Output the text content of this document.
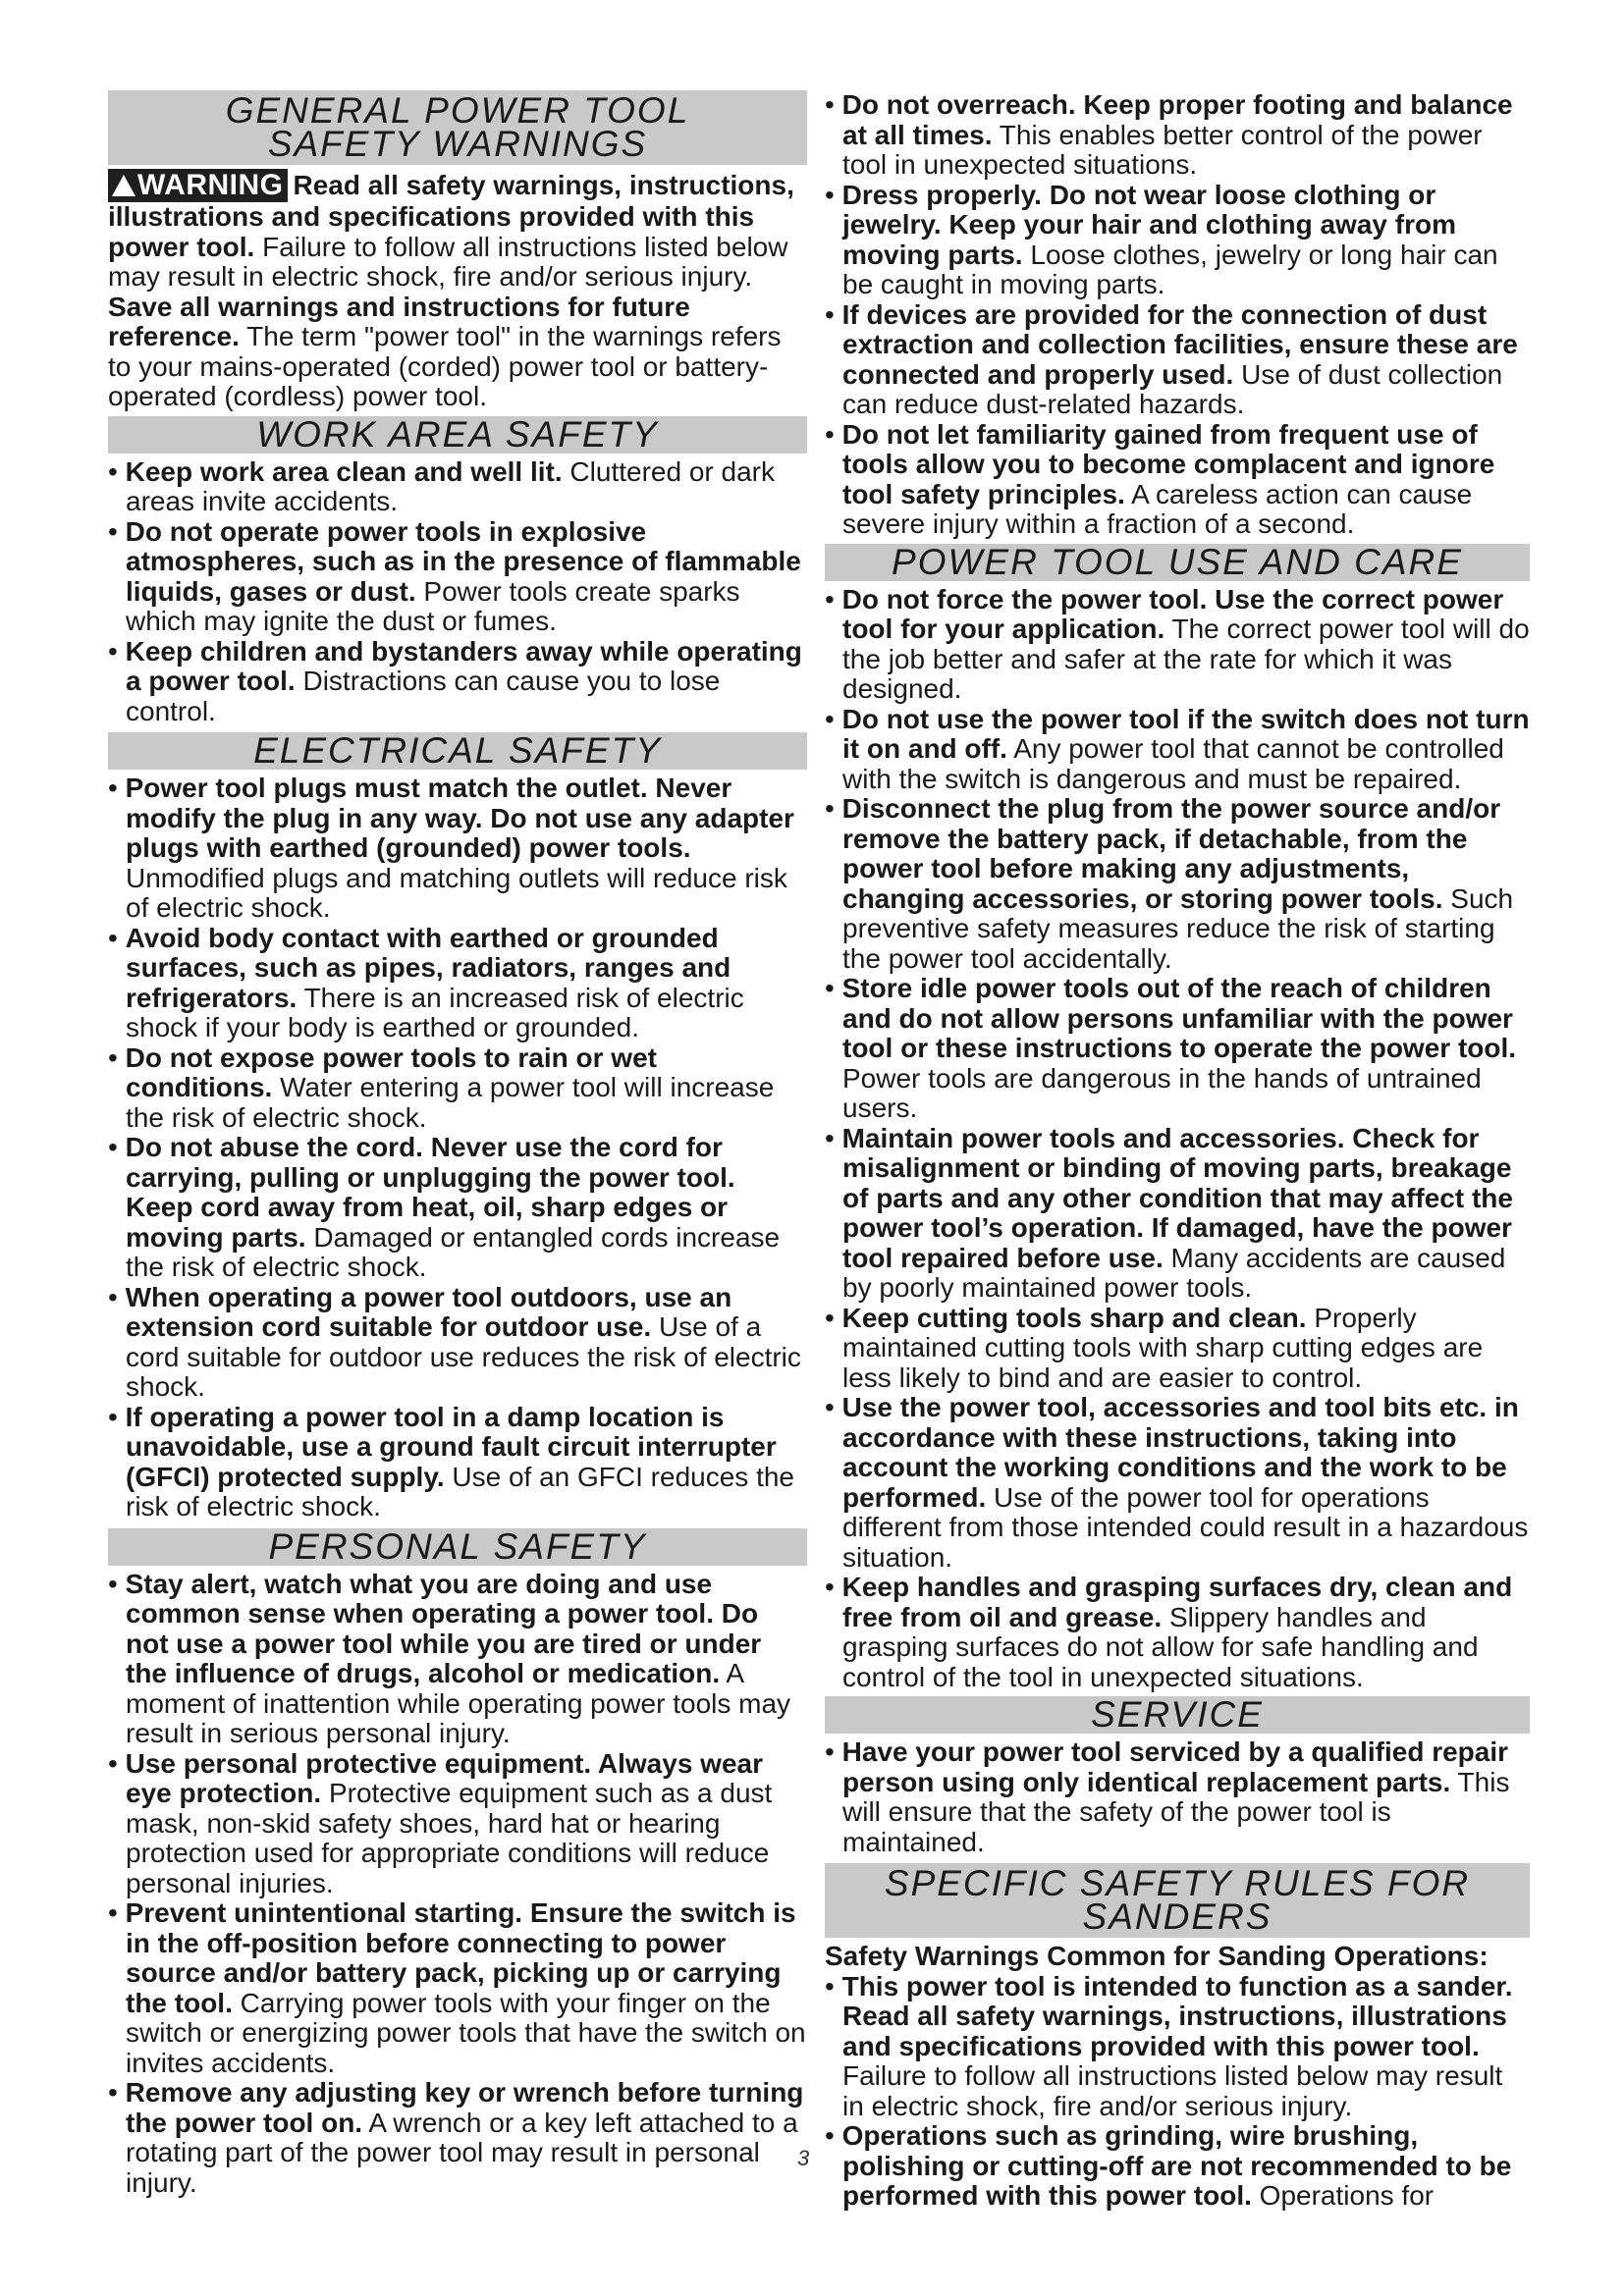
GENERAL POWER TOOL SAFETY WARNINGS

WARNING Read all safety warnings, instructions, illustrations and specifications provided with this power tool. Failure to follow all instructions listed below may result in electric shock, fire and/or serious injury. Save all warnings and instructions for future reference. The term "power tool" in the warnings refers to your mains-operated (corded) power tool or battery-operated (cordless) power tool.

WORK AREA SAFETY

• Keep work area clean and well lit. Cluttered or dark areas invite accidents.

• Do not operate power tools in explosive atmospheres, such as in the presence of flammable liquids, gases or dust. Power tools create sparks which may ignite the dust or fumes.

• Keep children and bystanders away while operating a power tool. Distractions can cause you to lose control.

ELECTRICAL SAFETY

• Power tool plugs must match the outlet. Never modify the plug in any way. Do not use any adapter plugs with earthed (grounded) power tools. Unmodified plugs and matching outlets will reduce risk of electric shock.

• Avoid body contact with earthed or grounded surfaces, such as pipes, radiators, ranges and refrigerators. There is an increased risk of electric shock if your body is earthed or grounded.

• Do not expose power tools to rain or wet conditions. Water entering a power tool will increase the risk of electric shock.

• Do not abuse the cord. Never use the cord for carrying, pulling or unplugging the power tool. Keep cord away from heat, oil, sharp edges or moving parts. Damaged or entangled cords increase the risk of electric shock.

• When operating a power tool outdoors, use an extension cord suitable for outdoor use. Use of a cord suitable for outdoor use reduces the risk of electric shock.

• If operating a power tool in a damp location is unavoidable, use a ground fault circuit interrupter (GFCI) protected supply. Use of an GFCI reduces the risk of electric shock.

PERSONAL SAFETY

• Stay alert, watch what you are doing and use common sense when operating a power tool. Do not use a power tool while you are tired or under the influence of drugs, alcohol or medication. A moment of inattention while operating power tools may result in serious personal injury.

• Use personal protective equipment. Always wear eye protection. Protective equipment such as a dust mask, non-skid safety shoes, hard hat or hearing protection used for appropriate conditions will reduce personal injuries.

• Prevent unintentional starting. Ensure the switch is in the off-position before connecting to power source and/or battery pack, picking up or carrying the tool. Carrying power tools with your finger on the switch or energizing power tools that have the switch on invites accidents.

• Remove any adjusting key or wrench before turning the power tool on. A wrench or a key left attached to a rotating part of the power tool may result in personal injury.

• Do not overreach. Keep proper footing and balance at all times. This enables better control of the power tool in unexpected situations.

• Dress properly. Do not wear loose clothing or jewelry. Keep your hair and clothing away from moving parts. Loose clothes, jewelry or long hair can be caught in moving parts.

• If devices are provided for the connection of dust extraction and collection facilities, ensure these are connected and properly used. Use of dust collection can reduce dust-related hazards.

• Do not let familiarity gained from frequent use of tools allow you to become complacent and ignore tool safety principles. A careless action can cause severe injury within a fraction of a second.

POWER TOOL USE AND CARE

• Do not force the power tool. Use the correct power tool for your application. The correct power tool will do the job better and safer at the rate for which it was designed.

• Do not use the power tool if the switch does not turn it on and off. Any power tool that cannot be controlled with the switch is dangerous and must be repaired.

• Disconnect the plug from the power source and/or remove the battery pack, if detachable, from the power tool before making any adjustments, changing accessories, or storing power tools. Such preventive safety measures reduce the risk of starting the power tool accidentally.

• Store idle power tools out of the reach of children and do not allow persons unfamiliar with the power tool or these instructions to operate the power tool. Power tools are dangerous in the hands of untrained users.

• Maintain power tools and accessories. Check for misalignment or binding of moving parts, breakage of parts and any other condition that may affect the power tool’s operation. If damaged, have the power tool repaired before use. Many accidents are caused by poorly maintained power tools.

• Keep cutting tools sharp and clean. Properly maintained cutting tools with sharp cutting edges are less likely to bind and are easier to control.

• Use the power tool, accessories and tool bits etc. in accordance with these instructions, taking into account the working conditions and the work to be performed. Use of the power tool for operations different from those intended could result in a hazardous situation.

• Keep handles and grasping surfaces dry, clean and free from oil and grease. Slippery handles and grasping surfaces do not allow for safe handling and control of the tool in unexpected situations.

SERVICE

• Have your power tool serviced by a qualified repair person using only identical replacement parts. This will ensure that the safety of the power tool is maintained.

SPECIFIC SAFETY RULES FOR SANDERS

Safety Warnings Common for Sanding Operations:

• This power tool is intended to function as a sander. Read all safety warnings, instructions, illustrations and specifications provided with this power tool. Failure to follow all instructions listed below may result in electric shock, fire and/or serious injury.

• Operations such as grinding, wire brushing, polishing or cutting-off are not recommended to be performed with this power tool. Operations for

3
